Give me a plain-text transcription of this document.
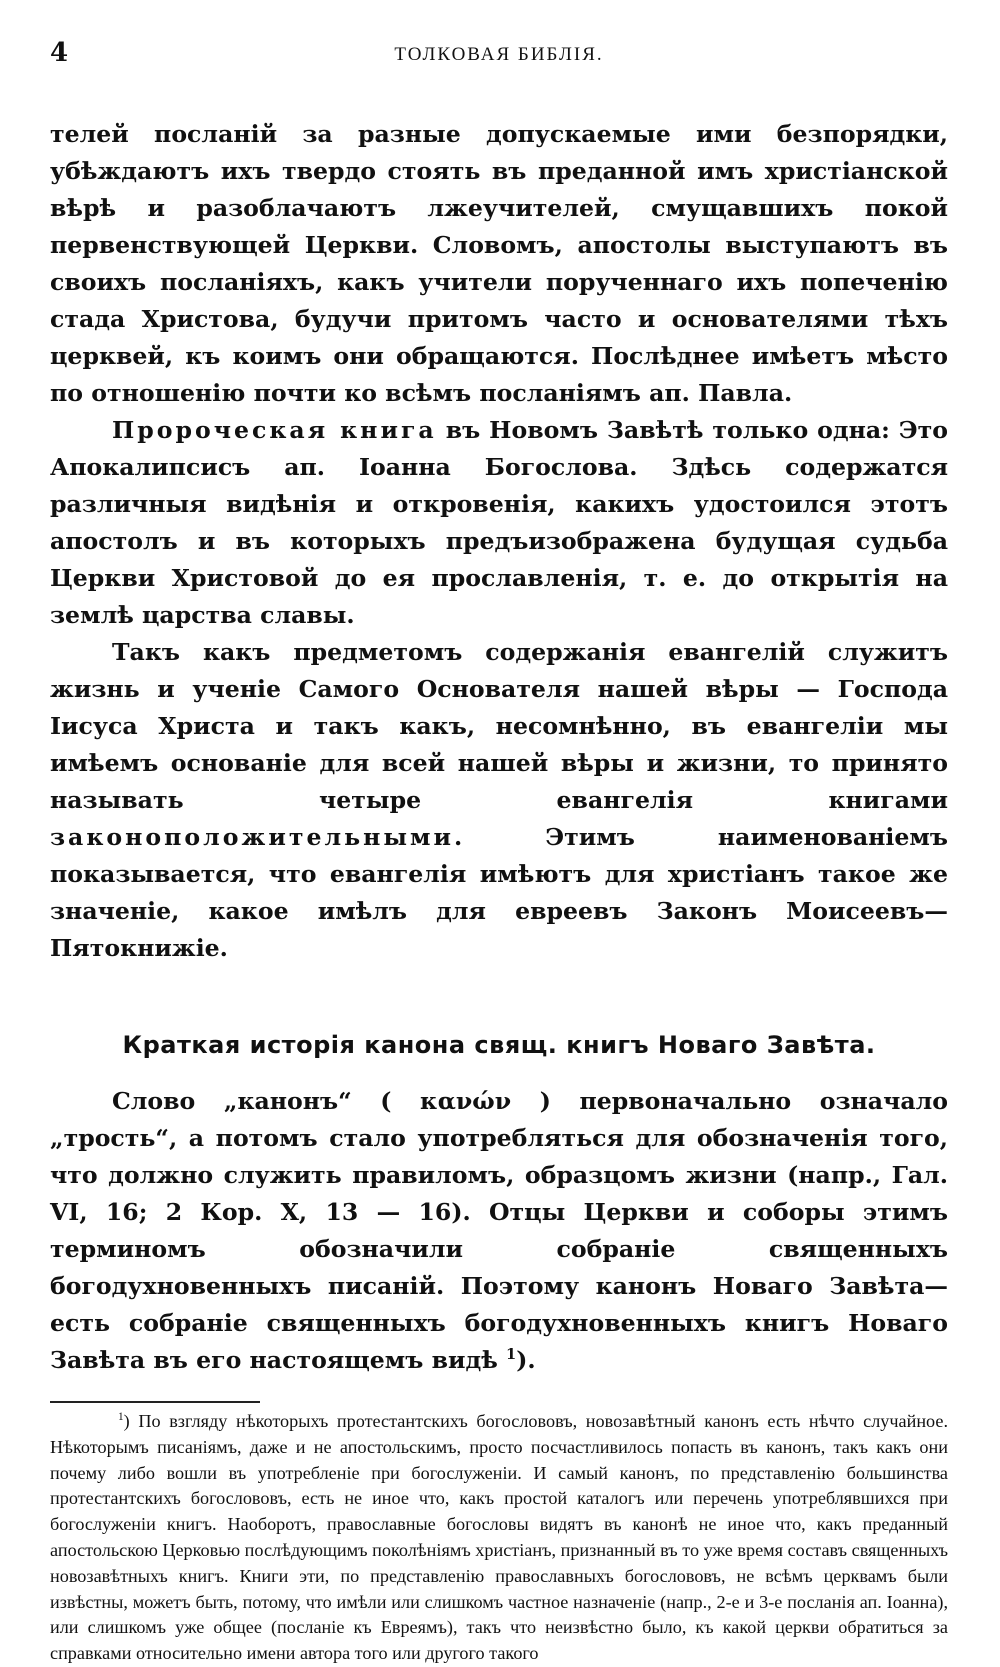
4	ТОЛКОВАЯ БИБЛІЯ.

телей посланій за разные допускаемые ими безпорядки, убѣждаютъ ихъ твердо стоять въ преданной имъ христіанской вѣрѣ и разоблачаютъ лжеучителей, смущавшихъ покой первенствующей Церкви. Словомъ, апостолы выступаютъ въ своихъ посланіяхъ, какъ учители порученнаго ихъ попеченію стада Христова, будучи притомъ часто и основателями тѣхъ церквей, къ коимъ они обращаются. Послѣднее имѣетъ мѣсто по отношенію почти ко всѣмъ посланіямъ ап. Павла.

Пророческая книга въ Новомъ Завѣтѣ только одна: Это Апокалипсисъ ап. Іоанна Богослова. Здѣсь содержатся различныя видѣнія и откровенія, какихъ удостоился этотъ апостолъ и въ которыхъ предъизображена будущая судьба Церкви Христовой до ея прославленія, т. е. до открытія на землѣ царства славы.

Такъ какъ предметомъ содержанія евангелій служитъ жизнь и ученіе Самого Основателя нашей вѣры — Господа Іисуса Христа и такъ какъ, несомнѣнно, въ евангеліи мы имѣемъ основаніе для всей нашей вѣры и жизни, то принято называть четыре евангелія книгами законоположительными. Этимъ наименованіемъ показывается, что евангелія имѣютъ для христіанъ такое же значеніе, какое имѣлъ для евреевъ Законъ Моисеевъ—Пятокнижіе.

Краткая исторія канона свящ. книгъ Новаго Завѣта.

Слово „канонъ“ ( κανών ) первоначально означало „трость“, а потомъ стало употребляться для обозначенія того, что должно служить правиломъ, образцомъ жизни (напр., Гал. VI, 16; 2 Кор. X, 13 — 16). Отцы Церкви и соборы этимъ терминомъ обозначили собраніе священныхъ богодухновенныхъ писаній. Поэтому канонъ Новаго Завѣта—есть собраніе священныхъ богодухновенныхъ книгъ Новаго Завѣта въ его настоящемъ видѣ $^1$).

$^1$) По взгляду нѣкоторыхъ протестантскихъ богослововъ, новозавѣтный канонъ есть нѣчто случайное. Нѣкоторымъ писаніямъ, даже и не апостольскимъ, просто посчастливилось попасть въ канонъ, такъ какъ они почему либо вошли въ употребленіе при богослуженіи. И самый канонъ, по представленію большинства протестантскихъ богослововъ, есть не иное что, какъ простой каталогъ или перечень употреблявшихся при богослуженіи книгъ. Наоборотъ, православные богословы видятъ въ канонѣ не иное что, какъ преданный апостольскою Церковью послѣдующимъ поколѣніямъ христіанъ, признанный въ то уже время составъ священныхъ новозавѣтныхъ книгъ. Книги эти, по представленію православныхъ богослововъ, не всѣмъ церквамъ были извѣстны, можетъ быть, потому, что имѣли или слишкомъ частное назначеніе (напр., 2-е и 3-е посланія ап. Іоанна), или слишкомъ уже общее (посланіе къ Евреямъ), такъ что неизвѣстно было, къ какой церкви обратиться за справками относительно имени автора того или другого такого
